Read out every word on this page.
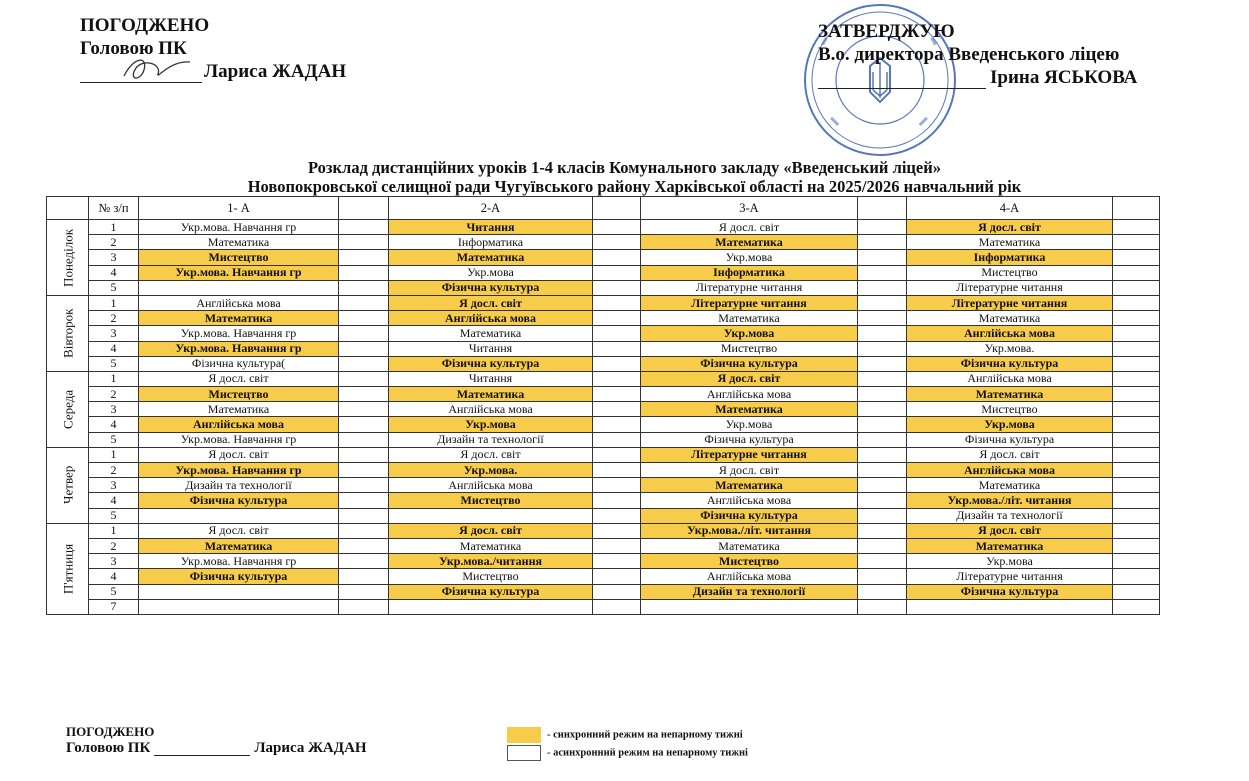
ПОГОДЖЕНО
Головою ПК
Лариса ЖАДАН
ЗАТВЕРДЖУЮ
В.о. директора Введенського ліцею
Ірина ЯСЬКОВА
Розклад дистанційних уроків 1-4 класів Комунального закладу «Введенський ліцей»
Новопокровської селищної ради Чугуївського району Харківської області на 2025/2026 навчальний рік
	№ з/п	1- А		2-А		3-А		4-А	
Понеділок	1	Укр.мова. Навчання гр		Читання		Я досл. світ		Я досл. світ	
	2	Математика		Інформатика		Математика		Математика	
	3	Мистецтво		Математика		Укр.мова		Інформатика	
	4	Укр.мова. Навчання гр		Укр.мова		Інформатика		Мистецтво	
	5			Фізична культура		Літературне читання		Літературне читання	
Вівторок	1	Англійська мова		Я досл. світ		Літературне читання		Літературне читання	
	2	Математика		Англійська мова		Математика		Математика	
	3	Укр.мова. Навчання гр		Математика		Укр.мова		Англійська мова	
	4	Укр.мова. Навчання гр		Читання		Мистецтво		Укр.мова.	
	5	Фізична культура(		Фізична культура		Фізична культура		Фізична культура	
Середа	1	Я досл. світ		Читання		Я досл. світ		Англійська мова	
	2	Мистецтво		Математика		Англійська мова		Математика	
	3	Математика		Англійська мова		Математика		Мистецтво	
	4	Англійська мова		Укр.мова		Укр.мова		Укр.мова	
	5	Укр.мова. Навчання гр		Дизайн та технології		Фізична культура		Фізична культура	
Четвер	1	Я досл. світ		Я досл. світ		Літературне читання		Я досл. світ	
	2	Укр.мова. Навчання гр		Укр.мова.		Я досл. світ		Англійська мова	
	3	Дизайн та технології		Англійська мова		Математика		Математика	
	4	Фізична культура		Мистецтво		Англійська мова		Укр.мова./літ. читання	
	5					Фізична культура		Дизайн та технології	
П'ятниця	1	Я досл. світ		Я досл. світ		Укр.мова./літ. читання		Я досл. світ	
	2	Математика		Математика		Математика		Математика	
	3	Укр.мова. Навчання гр		Укр.мова./читання		Мистецтво		Укр.мова	
	4	Фізична культура		Мистецтво		Англійська мова		Літературне читання	
	5			Фізична культура		Дизайн та технології		Фізична культура	
	7								
ПОГОДЖЕНО
Головою ПК	Лариса ЖАДАН
- синхронний режим на непарному тижні
- асинхронний режим на непарному тижні
